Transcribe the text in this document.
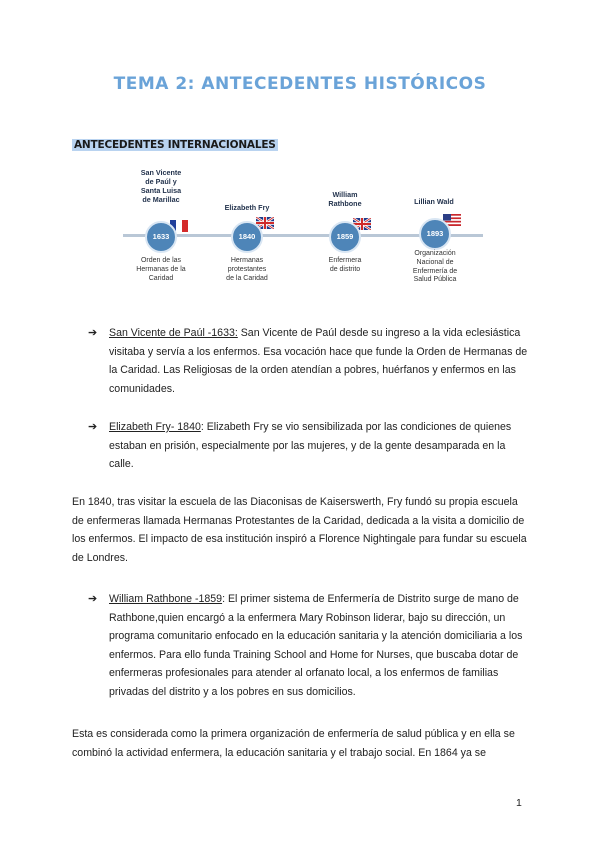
TEMA 2: ANTECEDENTES HISTÓRICOS
ANTECEDENTES INTERNACIONALES
San Vicente
de Paúl y
Santa Luisa
de Marillac
1633
Orden de las
Hermanas de la
Caridad
Elizabeth Fry
1840
Hermanas
protestantes
de la Caridad
William
Rathbone
1859
Enfermera
de distrito
Lillian Wald
1893
Organización
Nacional de
Enfermería de
Salud Pública
➔ San Vicente de Paúl -1633: San Vicente de Paúl desde su ingreso a la vida eclesiástica visitaba y servía a los enfermos. Esa vocación hace que funde la Orden de Hermanas de la Caridad. Las Religiosas de la orden atendían a pobres, huérfanos y enfermos en las comunidades.

➔ Elizabeth Fry- 1840: Elizabeth Fry se vio sensibilizada por las condiciones de quienes estaban en prisión, especialmente por las mujeres, y de la gente desamparada en la calle.

En 1840, tras visitar la escuela de las Diaconisas de Kaiserswerth, Fry fundó su propia escuela de enfermeras llamada Hermanas Protestantes de la Caridad, dedicada a la visita a domicilio de los enfermos. El impacto de esa institución inspiró a Florence Nightingale para fundar su escuela de Londres.

➔ William Rathbone -1859: El primer sistema de Enfermería de Distrito surge de mano de Rathbone,quien encargó a la enfermera Mary Robinson liderar, bajo su dirección, un programa comunitario enfocado en la educación sanitaria y la atención domiciliaria a los enfermos. Para ello funda Training School and Home for Nurses, que buscaba dotar de enfermeras profesionales para atender al orfanato local, a los enfermos de familias privadas del distrito y a los pobres en sus domicilios.

Esta es considerada como la primera organización de enfermería de salud pública y en ella se combinó la actividad enfermera, la educación sanitaria y el trabajo social. En 1864 ya se

1
